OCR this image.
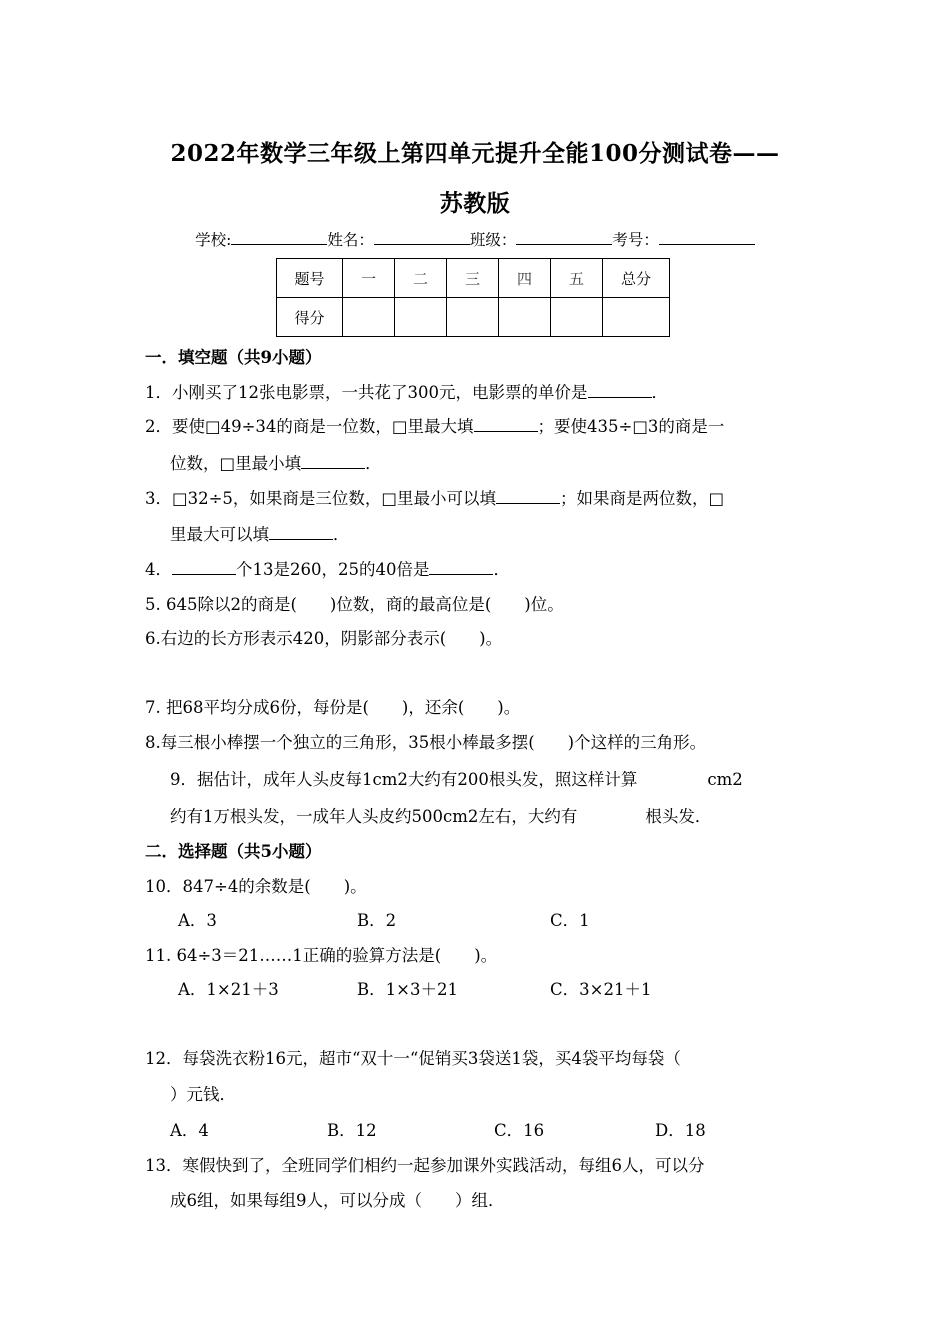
2022年数学三年级上第四单元提升全能100分测试卷——
苏教版
学校:	姓名：	班级：	考号：
题号	一	二	三	四	五	总分
得分						
一．填空题（共9小题）
1．小刚买了12张电影票，一共花了300元，电影票的单价是	．
2．要使□49÷34的商是一位数，□里最大填	；要使435÷□3的商是一
位数，□里最小填	．
3．□32÷5，如果商是三位数，□里最小可以填	；如果商是两位数，□
里最大可以填	．
4．	个13是260，25的40倍是	．
5. 645除以2的商是(　　)位数，商的最高位是(　　)位。
6.右边的长方形表示420，阴影部分表示(　　)。
7. 把68平均分成6份，每份是(　　)，还余(　　)。
8.每三根小棒摆一个独立的三角形，35根小棒最多摆(　　)个这样的三角形。
9．据估计，成年人头皮每1cm2大约有200根头发，照这样计算	cm2
约有1万根头发，一成年人头皮约500cm2左右，大约有	根头发．
二．选择题（共5小题）
10．847÷4的余数是(　　)。
A．3	B．2	C．1
11. 64÷3＝21……1正确的验算方法是(　　)。
A．1×21＋3	B．1×3＋21	C．3×21＋1
12．每袋洗衣粉16元，超市“双十一“促销买3袋送1袋，买4袋平均每袋（
）元钱．
A．4	B．12	C．16	D．18
13．寒假快到了，全班同学们相约一起参加课外实践活动，每组6人，可以分
成6组，如果每组9人，可以分成（　　）组．
